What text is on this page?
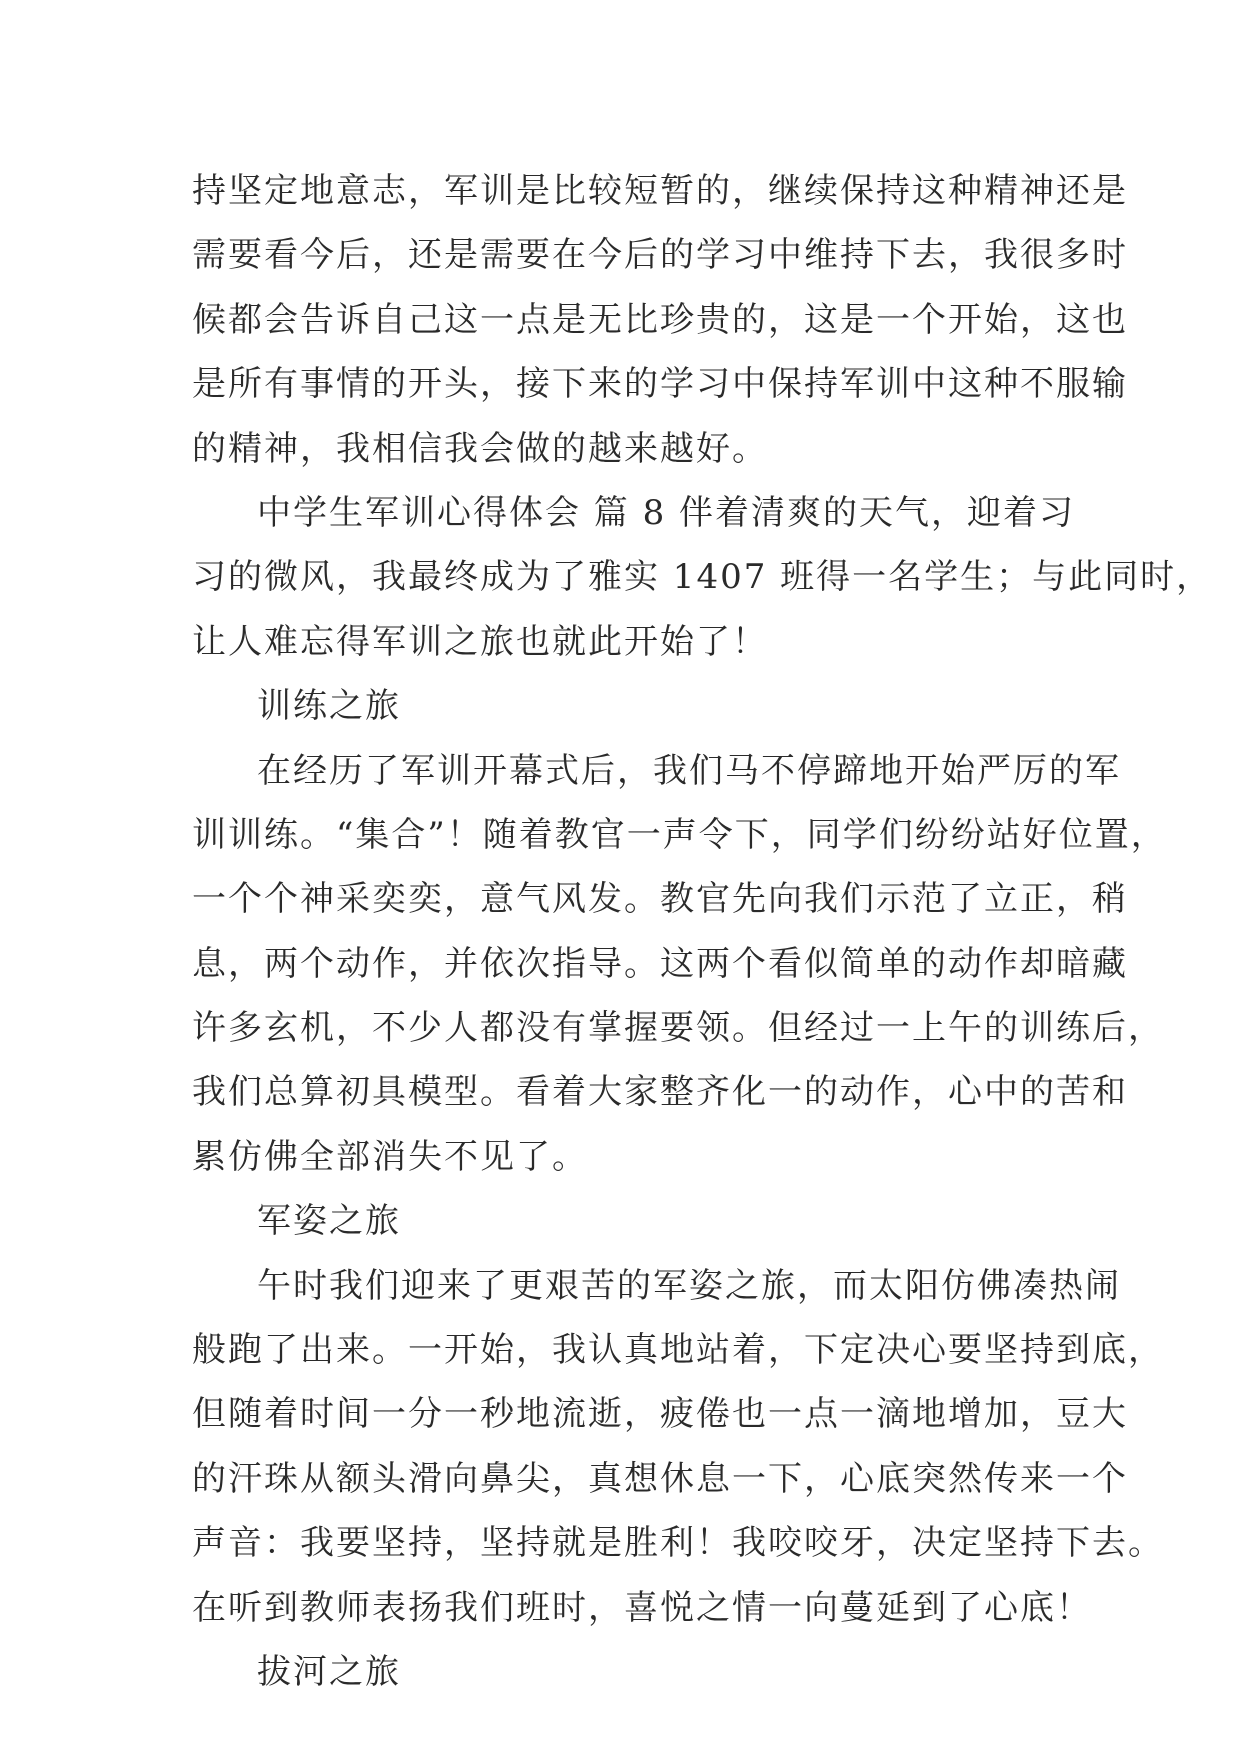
持坚定地意志，军训是比较短暂的，继续保持这种精神还是
需要看今后，还是需要在今后的学习中维持下去，我很多时
候都会告诉自己这一点是无比珍贵的，这是一个开始，这也
是所有事情的开头，接下来的学习中保持军训中这种不服输
的精神，我相信我会做的越来越好。
中学生军训心得体会 篇 8 伴着清爽的天气，迎着习
习的微风，我最终成为了雅实 1407 班得一名学生；与此同时，
让人难忘得军训之旅也就此开始了！
训练之旅
在经历了军训开幕式后，我们马不停蹄地开始严厉的军
训训练。“集合”！随着教官一声令下，同学们纷纷站好位置，
一个个神采奕奕，意气风发。教官先向我们示范了立正，稍
息，两个动作，并依次指导。这两个看似简单的动作却暗藏
许多玄机，不少人都没有掌握要领。但经过一上午的训练后，
我们总算初具模型。看着大家整齐化一的动作，心中的苦和
累仿佛全部消失不见了。
军姿之旅
午时我们迎来了更艰苦的军姿之旅，而太阳仿佛凑热闹
般跑了出来。一开始，我认真地站着，下定决心要坚持到底，
但随着时间一分一秒地流逝，疲倦也一点一滴地增加，豆大
的汗珠从额头滑向鼻尖，真想休息一下，心底突然传来一个
声音：我要坚持，坚持就是胜利！我咬咬牙，决定坚持下去。
在听到教师表扬我们班时，喜悦之情一向蔓延到了心底！
拔河之旅
